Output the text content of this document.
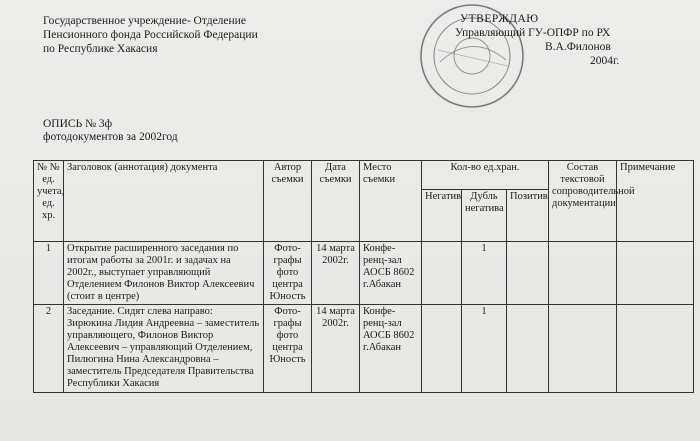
Государственное учреждение- Отделение
Пенсионного фонда Российской Федерации
по Республике Хакасия
УТВЕРЖДАЮ
Управляющий ГУ-ОПФР по РХ
В.А.Филонов
2004г.
ОПИСЬ № 3ф
фотодокументов за 2002год
№ № ед. учета, ед. хр.	Заголовок (аннотация) документа	Автор съемки	Дата съемки	Место съемки	Кол-во ед.хран.			Состав текстовой сопроводительной документации	Примечание
					Негатив	Дубль негатива	Позитив		
1	Открытие расширенного заседания по итогам работы за 2001г. и задачах на 2002г., выступает управляющий Отделением Филонов Виктор Алексеевич (стоит в центре)	Фото-графы фото центра Юность	14 марта 2002г.	Конфе-ренц-зал АОСБ 8602 г.Абакан		1			
2	Заседание. Сидят слева направо: Зирюкина Лидия Андреевна – заместитель управляющего, Филонов Виктор Алексеевич – управляющий Отделением, Пилюгина Нина Александровна – заместитель Председателя Правительства Республики Хакасия	Фото-графы фото центра Юность	14 марта 2002г.	Конфе-ренц-зал АОСБ 8602 г.Абакан		1			
